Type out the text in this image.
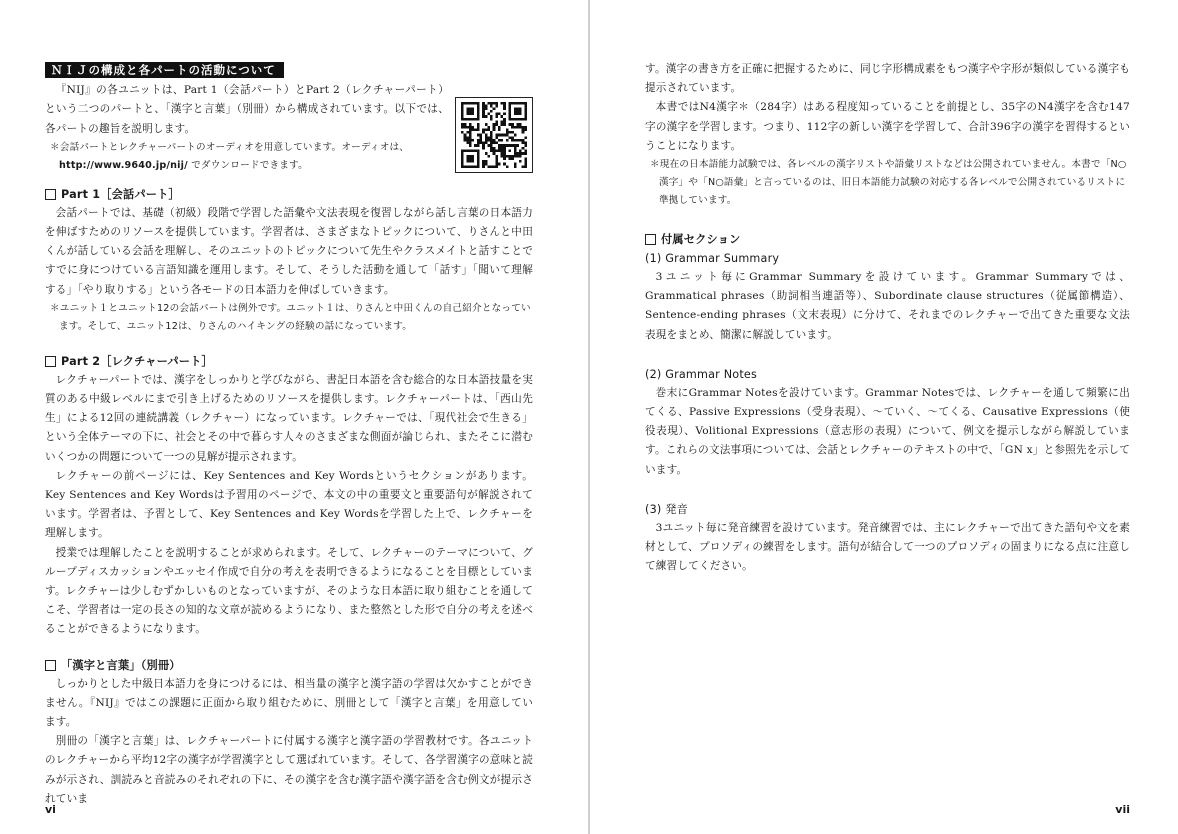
ＮＩＪの構成と各パートの活動について

『NIJ』の各ユニットは、Part 1（会話パート）とPart 2（レクチャーパート）という二つのパートと、「漢字と言葉」（別冊）から構成されています。以下では、各パートの趣旨を説明します。

＊会話パートとレクチャーパートのオーディオを用意しています。オーディオは、
http://www.9640.jp/nij/ でダウンロードできます。
Part 1［会話パート］

会話パートでは、基礎（初級）段階で学習した語彙や文法表現を復習しながら話し言葉の日本語力を伸ばすためのリソースを提供しています。学習者は、さまざまなトピックについて、りさんと中田くんが話している会話を理解し、そのユニットのトピックについて先生やクラスメイトと話すことですでに身につけている言語知識を運用します。そして、そうした活動を通して「話す」「聞いて理解する」「やり取りする」という各モードの日本語力を伸ばしていきます。

＊ユニット１とユニット12の会話パートは例外です。ユニット１は、りさんと中田くんの自己紹介となっています。そして、ユニット12は、りさんのハイキングの経験の話になっています。
Part 2［レクチャーパート］

レクチャーパートでは、漢字をしっかりと学びながら、書記日本語を含む総合的な日本語技量を実質のある中級レベルにまで引き上げるためのリソースを提供します。レクチャーパートは、「西山先生」による12回の連続講義（レクチャー）になっています。レクチャーでは、「現代社会で生きる」という全体テーマの下に、社会とその中で暮らす人々のさまざまな側面が論じられ、またそこに潜むいくつかの問題について一つの見解が提示されます。

レクチャーの前ページには、Key Sentences and Key Wordsというセクションがあります。Key Sentences and Key Wordsは予習用のページで、本文の中の重要文と重要語句が解説されています。学習者は、予習として、Key Sentences and Key Wordsを学習した上で、レクチャーを理解します。

授業では理解したことを説明することが求められます。そして、レクチャーのテーマについて、グループディスカッションやエッセイ作成で自分の考えを表明できるようになることを目標としています。レクチャーは少しむずかしいものとなっていますが、そのような日本語に取り組むことを通してこそ、学習者は一定の長さの知的な文章が読めるようになり、また整然とした形で自分の考えを述べることができるようになります。

「漢字と言葉」（別冊）

しっかりとした中級日本語力を身につけるには、相当量の漢字と漢字語の学習は欠かすことができません。『NIJ』ではこの課題に正面から取り組むために、別冊として「漢字と言葉」を用意しています。

別冊の「漢字と言葉」は、レクチャーパートに付属する漢字と漢字語の学習教材です。各ユニットのレクチャーから平均12字の漢字が学習漢字として選ばれています。そして、各学習漢字の意味と読みが示され、訓読みと音読みのそれぞれの下に、その漢字を含む漢字語や漢字語を含む例文が提示されていま

vi

す。漢字の書き方を正確に把握するために、同じ字形構成素をもつ漢字や字形が類似している漢字も提示されています。

本書ではN4漢字＊（284字）はある程度知っていることを前提とし、35字のN4漢字を含む147字の漢字を学習します。つまり、112字の新しい漢字を学習して、合計396字の漢字を習得するということになります。

＊現在の日本語能力試験では、各レベルの漢字リストや語彙リストなどは公開されていません。本書で「N○漢字」や「N○語彙」と言っているのは、旧日本語能力試験の対応する各レベルで公開されているリストに準拠しています。
付属セクション
(1) Grammar Summary

3ユニット毎にGrammar Summaryを設けています。Grammar Summaryでは、Grammatical phrases（助詞相当連語等）、Subordinate clause structures（従属節構造）、Sentence-ending phrases（文末表現）に分けて、それまでのレクチャーで出てきた重要な文法表現をまとめ、簡潔に解説しています。

(2) Grammar Notes

巻末にGrammar Notesを設けています。Grammar Notesでは、レクチャーを通して頻繁に出てくる、Passive Expressions（受身表現）、〜ていく、〜てくる、Causative Expressions（使役表現）、Volitional Expressions（意志形の表現）について、例文を提示しながら解説しています。これらの文法事項については、会話とレクチャーのテキストの中で、「GN x」と参照先を示しています。

(3) 発音

3ユニット毎に発音練習を設けています。発音練習では、主にレクチャーで出てきた語句や文を素材として、プロソディの練習をします。語句が結合して一つのプロソディの固まりになる点に注意して練習してください。

vii
